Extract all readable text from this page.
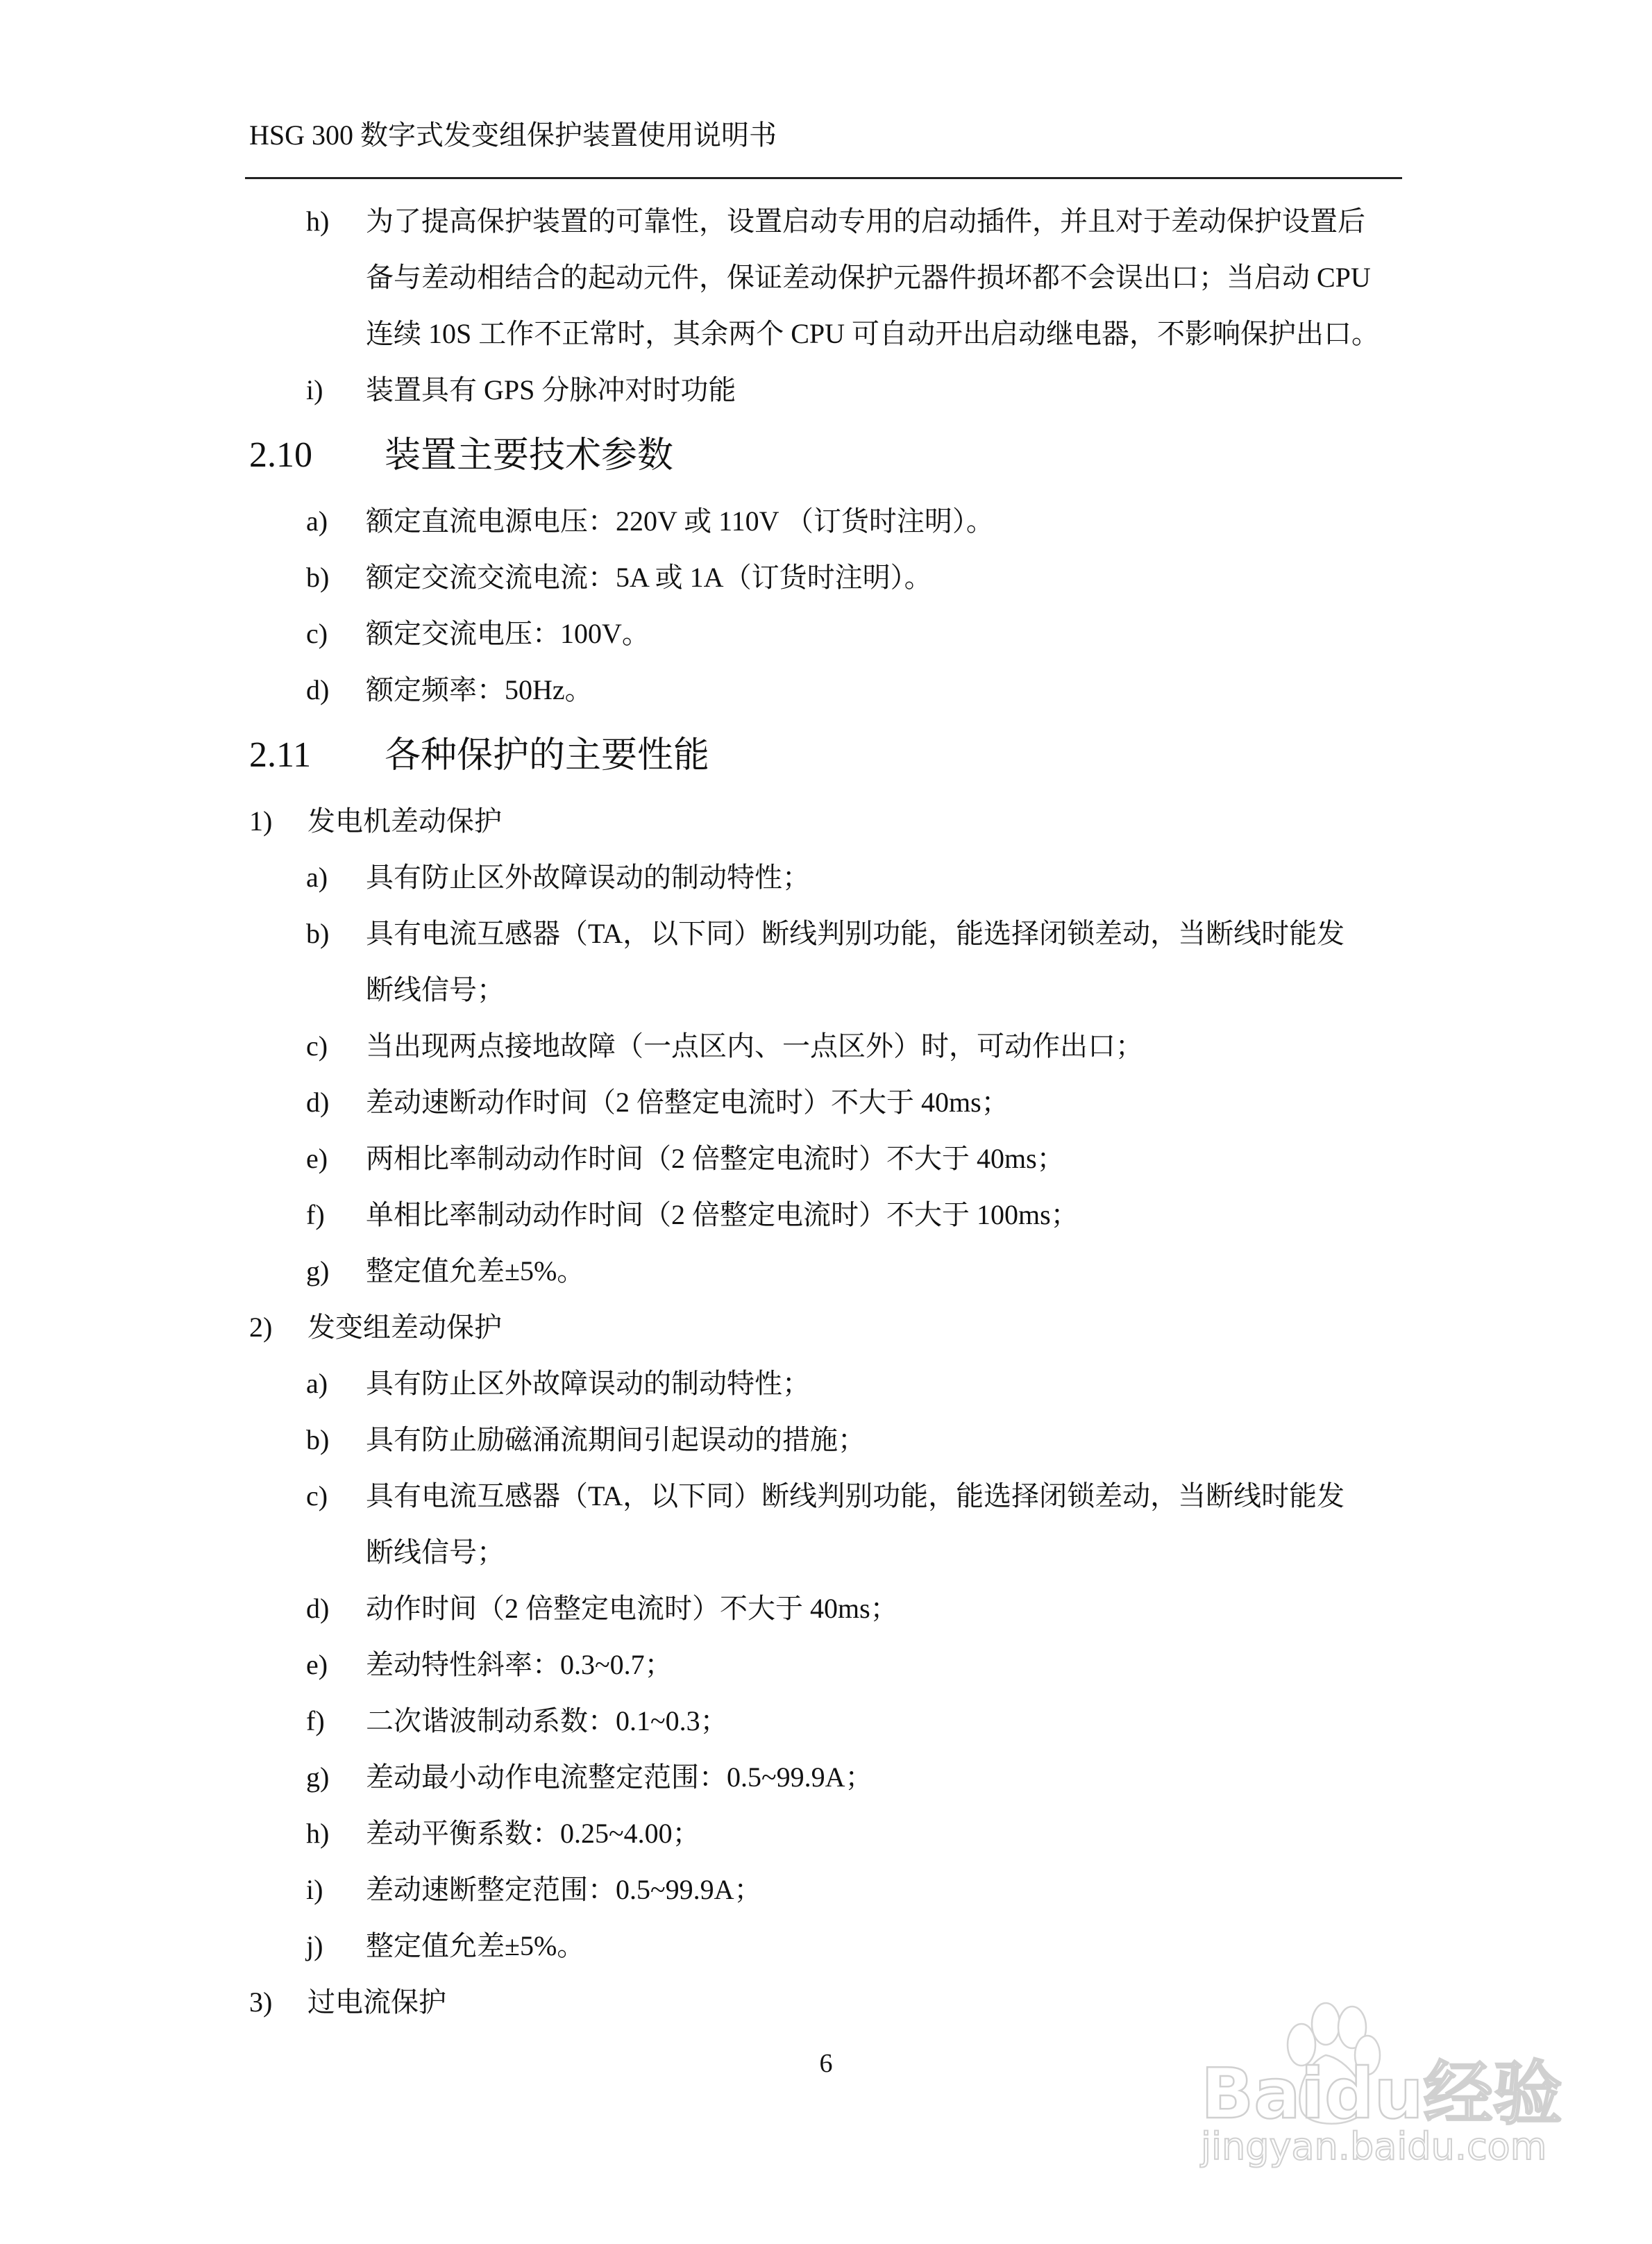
HSG 300 数字式发变组保护装置使用说明书
h) 为了提高保护装置的可靠性，设置启动专用的启动插件，并且对于差动保护设置后
备与差动相结合的起动元件，保证差动保护元器件损坏都不会误出口；当启动 CPU
连续 10S 工作不正常时，其余两个 CPU 可自动开出启动继电器，不影响保护出口。
i) 装置具有 GPS 分脉冲对时功能
2.10 装置主要技术参数
a) 额定直流电源电压：220V 或 110V （订货时注明）。
b) 额定交流交流电流：5A 或 1A（订货时注明）。
c) 额定交流电压：100V。
d) 额定频率：50Hz。
2.11 各种保护的主要性能
1) 发电机差动保护
a) 具有防止区外故障误动的制动特性；
b) 具有电流互感器（TA，以下同）断线判别功能，能选择闭锁差动，当断线时能发
断线信号；
c) 当出现两点接地故障（一点区内、一点区外）时，可动作出口；
d) 差动速断动作时间（2 倍整定电流时）不大于 40ms；
e) 两相比率制动动作时间（2 倍整定电流时）不大于 40ms；
f) 单相比率制动动作时间（2 倍整定电流时）不大于 100ms；
g) 整定值允差±5%。
2) 发变组差动保护
a) 具有防止区外故障误动的制动特性；
b) 具有防止励磁涌流期间引起误动的措施；
c) 具有电流互感器（TA，以下同）断线判别功能，能选择闭锁差动，当断线时能发
断线信号；
d) 动作时间（2 倍整定电流时）不大于 40ms；
e) 差动特性斜率：0.3~0.7；
f) 二次谐波制动系数：0.1~0.3；
g) 差动最小动作电流整定范围：0.5~99.9A；
h) 差动平衡系数：0.25~4.00；
i) 差动速断整定范围：0.5~99.9A；
j) 整定值允差±5%。
3) 过电流保护
6	Baidu经验
jingyan.baidu.com
